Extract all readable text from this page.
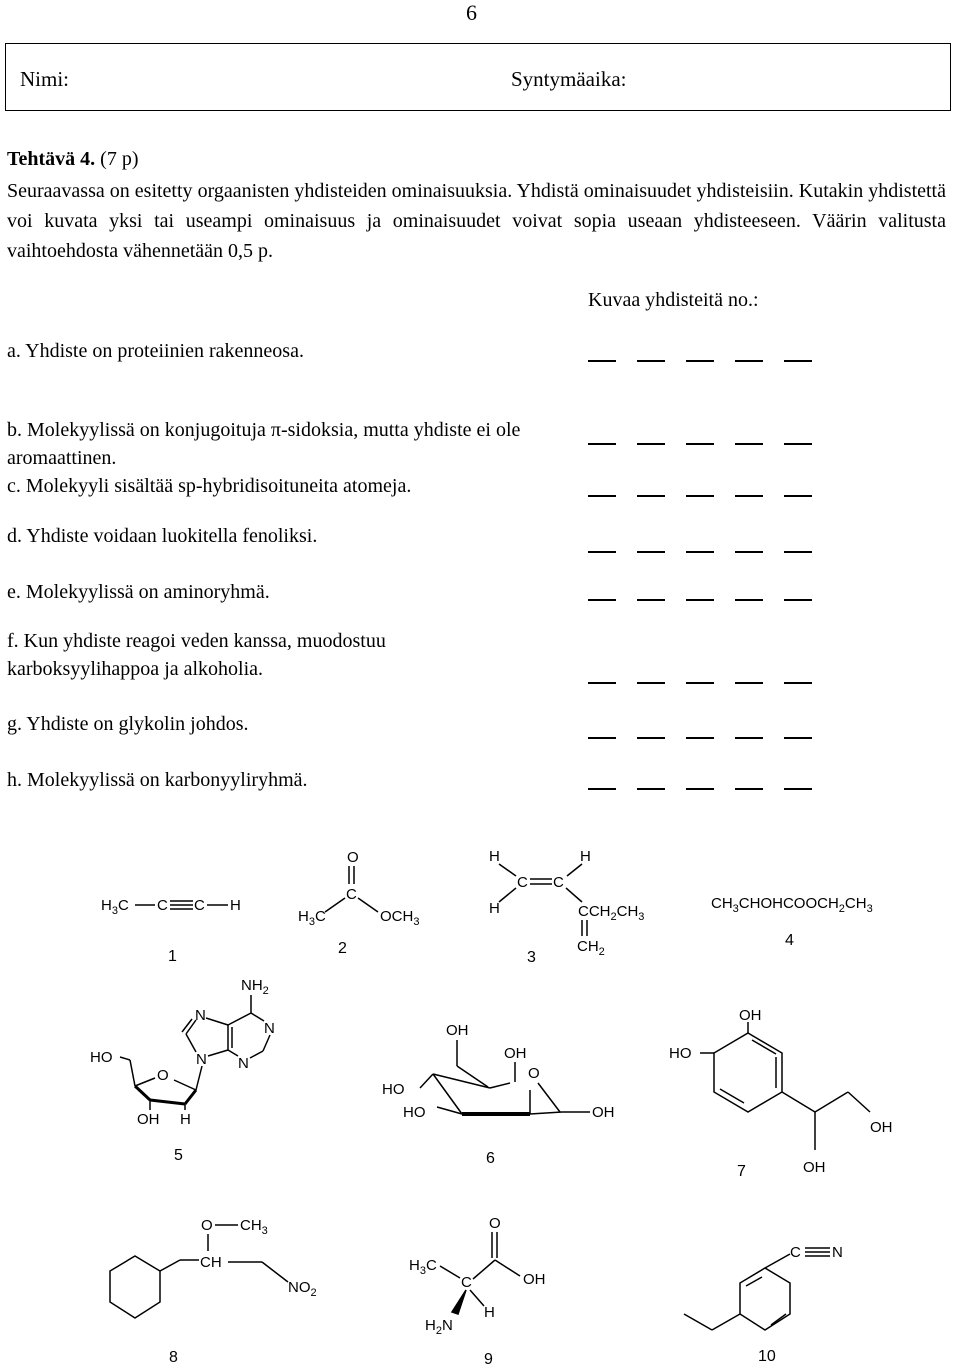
6
Nimi:	Syntymäaika:
Tehtävä 4. (7 p)
Seuraavassa on esitetty orgaanisten yhdisteiden ominaisuuksia. Yhdistä ominaisuudet yhdisteisiin. Kutakin yhdistettä voi kuvata yksi tai useampi ominaisuus ja ominaisuudet voivat sopia useaan yhdisteeseen. Väärin valitusta vaihtoehdosta vähennetään 0,5 p.
Kuvaa yhdisteitä no.:
a. Yhdiste on proteiinien rakenneosa.
b. Molekyylissä on konjugoituja π-sidoksia, mutta yhdiste ei ole aromaattinen.
c. Molekyyli sisältää sp-hybridisoituneita atomeja.
d. Yhdiste voidaan luokitella fenoliksi.
e. Molekyylissä on aminoryhmä.
f. Kun yhdiste reagoi veden kanssa, muodostuu karboksyylihappoa ja alkoholia.
g. Yhdiste on glykolin johdos.
h. Molekyylissä on karbonyyliryhmä.
$H_3C$ C C H
1
O
C
$H_3C$	$OCH_3$
2
H	H
H
C C
$CCH_2CH_3$
$CH_2$
3
$CH_3CHOHCOOCH_2CH_3$
4
$NH_2$
N
N
N N
O
HO
OH H
5
OH
OH
O
HO
HO	OH
6
OH
HO
OH
OH
7
O $CH_3$
CH
$NO_2$
8
O
OH
$H_3C$
C
H
$H_2N$
9
C N
10
